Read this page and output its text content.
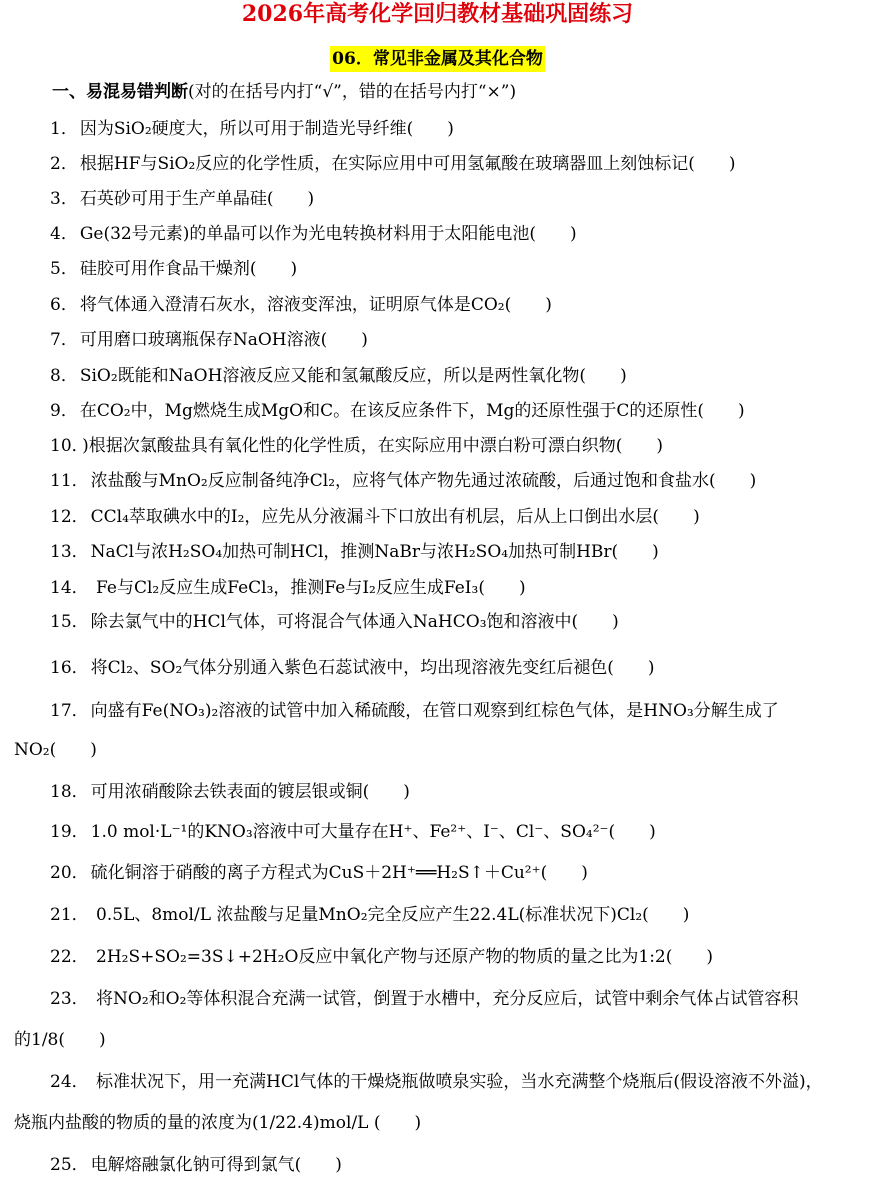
2026年高考化学回归教材基础巩固练习
06．常见非金属及其化合物
一、易混易错判断(对的在括号内打“√”，错的在括号内打“×”)
1． 因为SiO₂硬度大，所以可用于制造光导纤维(　　)
2． 根据HF与SiO₂反应的化学性质，在实际应用中可用氢氟酸在玻璃器皿上刻蚀标记(　　)
3． 石英砂可用于生产单晶硅(　　)
4． Ge(32号元素)的单晶可以作为光电转换材料用于太阳能电池(　　)
5． 硅胶可用作食品干燥剂(　　)
6． 将气体通入澄清石灰水，溶液变浑浊，证明原气体是CO₂(　　)
7． 可用磨口玻璃瓶保存NaOH溶液(　　)
8． SiO₂既能和NaOH溶液反应又能和氢氟酸反应，所以是两性氧化物(　　)
9． 在CO₂中，Mg燃烧生成MgO和C。在该反应条件下，Mg的还原性强于C的还原性(　　)
10． )根据次氯酸盐具有氧化性的化学性质，在实际应用中漂白粉可漂白织物(　　)
11． 浓盐酸与MnO₂反应制备纯净Cl₂，应将气体产物先通过浓硫酸，后通过饱和食盐水(　　)
12． CCl₄萃取碘水中的I₂，应先从分液漏斗下口放出有机层，后从上口倒出水层(　　)
13． NaCl与浓H₂SO₄加热可制HCl，推测NaBr与浓H₂SO₄加热可制HBr(　　)
14． Fe与Cl₂反应生成FeCl₃，推测Fe与I₂反应生成FeI₃(　　)
15． 除去氯气中的HCl气体，可将混合气体通入NaHCO₃饱和溶液中(　　)
16． 将Cl₂、SO₂气体分别通入紫色石蕊试液中，均出现溶液先变红后褪色(　　)
17． 向盛有Fe(NO₃)₂溶液的试管中加入稀硫酸，在管口观察到红棕色气体，是HNO₃分解生成了
NO₂(　　)
18． 可用浓硝酸除去铁表面的镀层银或铜(　　)
19． 1.0 mol·L⁻¹的KNO₃溶液中可大量存在H⁺、Fe²⁺、I⁻、Cl⁻、SO₄²⁻(　　)
20． 硫化铜溶于硝酸的离子方程式为CuS＋2H⁺══H₂S↑＋Cu²⁺(　　)
21． 0.5L、8mol/L 浓盐酸与足量MnO₂完全反应产生22.4L(标准状况下)Cl₂(　　)
22． 2H₂S+SO₂=3S↓+2H₂O反应中氧化产物与还原产物的物质的量之比为1:2(　　)
23． 将NO₂和O₂等体积混合充满一试管，倒置于水槽中，充分反应后，试管中剩余气体占试管容积
的1/8(　　)
24． 标准状况下，用一充满HCl气体的干燥烧瓶做喷泉实验，当水充满整个烧瓶后(假设溶液不外溢)，
烧瓶内盐酸的物质的量的浓度为(1/22.4)mol/L (　　)
25． 电解熔融氯化钠可得到氯气(　　)
